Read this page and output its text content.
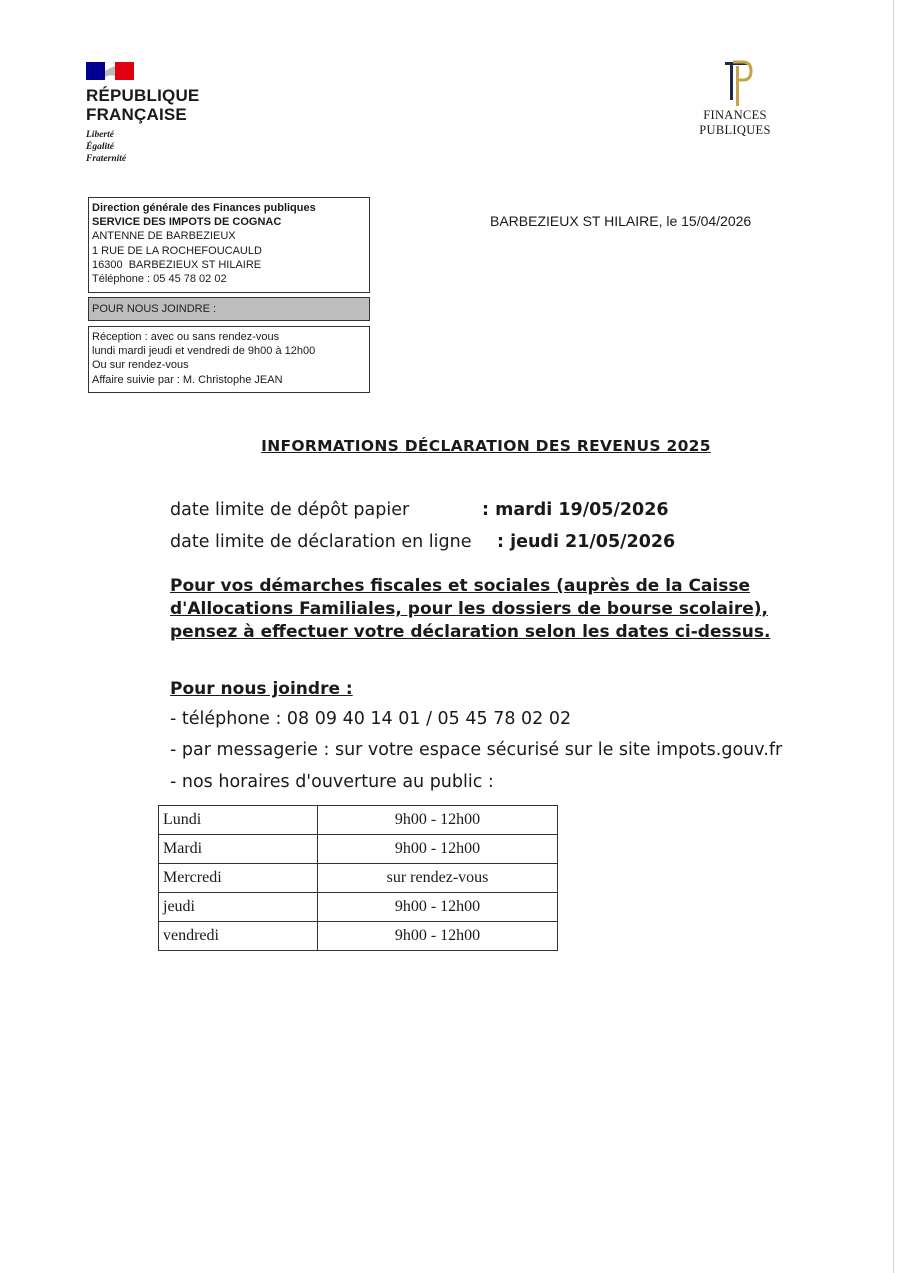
RÉPUBLIQUE
FRANÇAISE
Liberté
Égalité
Fraternité
FINANCES PUBLIQUES
Direction générale des Finances publiques
SERVICE DES IMPOTS DE COGNAC
ANTENNE DE BARBEZIEUX
1 RUE DE LA ROCHEFOUCAULD
16300  BARBEZIEUX ST HILAIRE
Téléphone : 05 45 78 02 02
POUR NOUS JOINDRE :
Réception : avec ou sans rendez-vous
lundi mardi jeudi et vendredi de 9h00 à 12h00
Ou sur rendez-vous
Affaire suivie par : M. Christophe JEAN
BARBEZIEUX ST HILAIRE, le 15/04/2026
INFORMATIONS DÉCLARATION DES REVENUS 2025
date limite de dépôt papier	: mardi 19/05/2026
date limite de déclaration en ligne	: jeudi 21/05/2026
Pour vos démarches fiscales et sociales (auprès de la Caisse d'Allocations Familiales, pour les dossiers de bourse scolaire), pensez à effectuer votre déclaration selon les dates ci-dessus.
Pour nous joindre :
- téléphone : 08 09 40 14 01 / 05 45 78 02 02
- par messagerie : sur votre espace sécurisé sur le site impots.gouv.fr
- nos horaires d'ouverture au public :
Lundi	9h00 - 12h00
Mardi	9h00 - 12h00
Mercredi	sur rendez-vous
jeudi	9h00 - 12h00
vendredi	9h00 - 12h00
